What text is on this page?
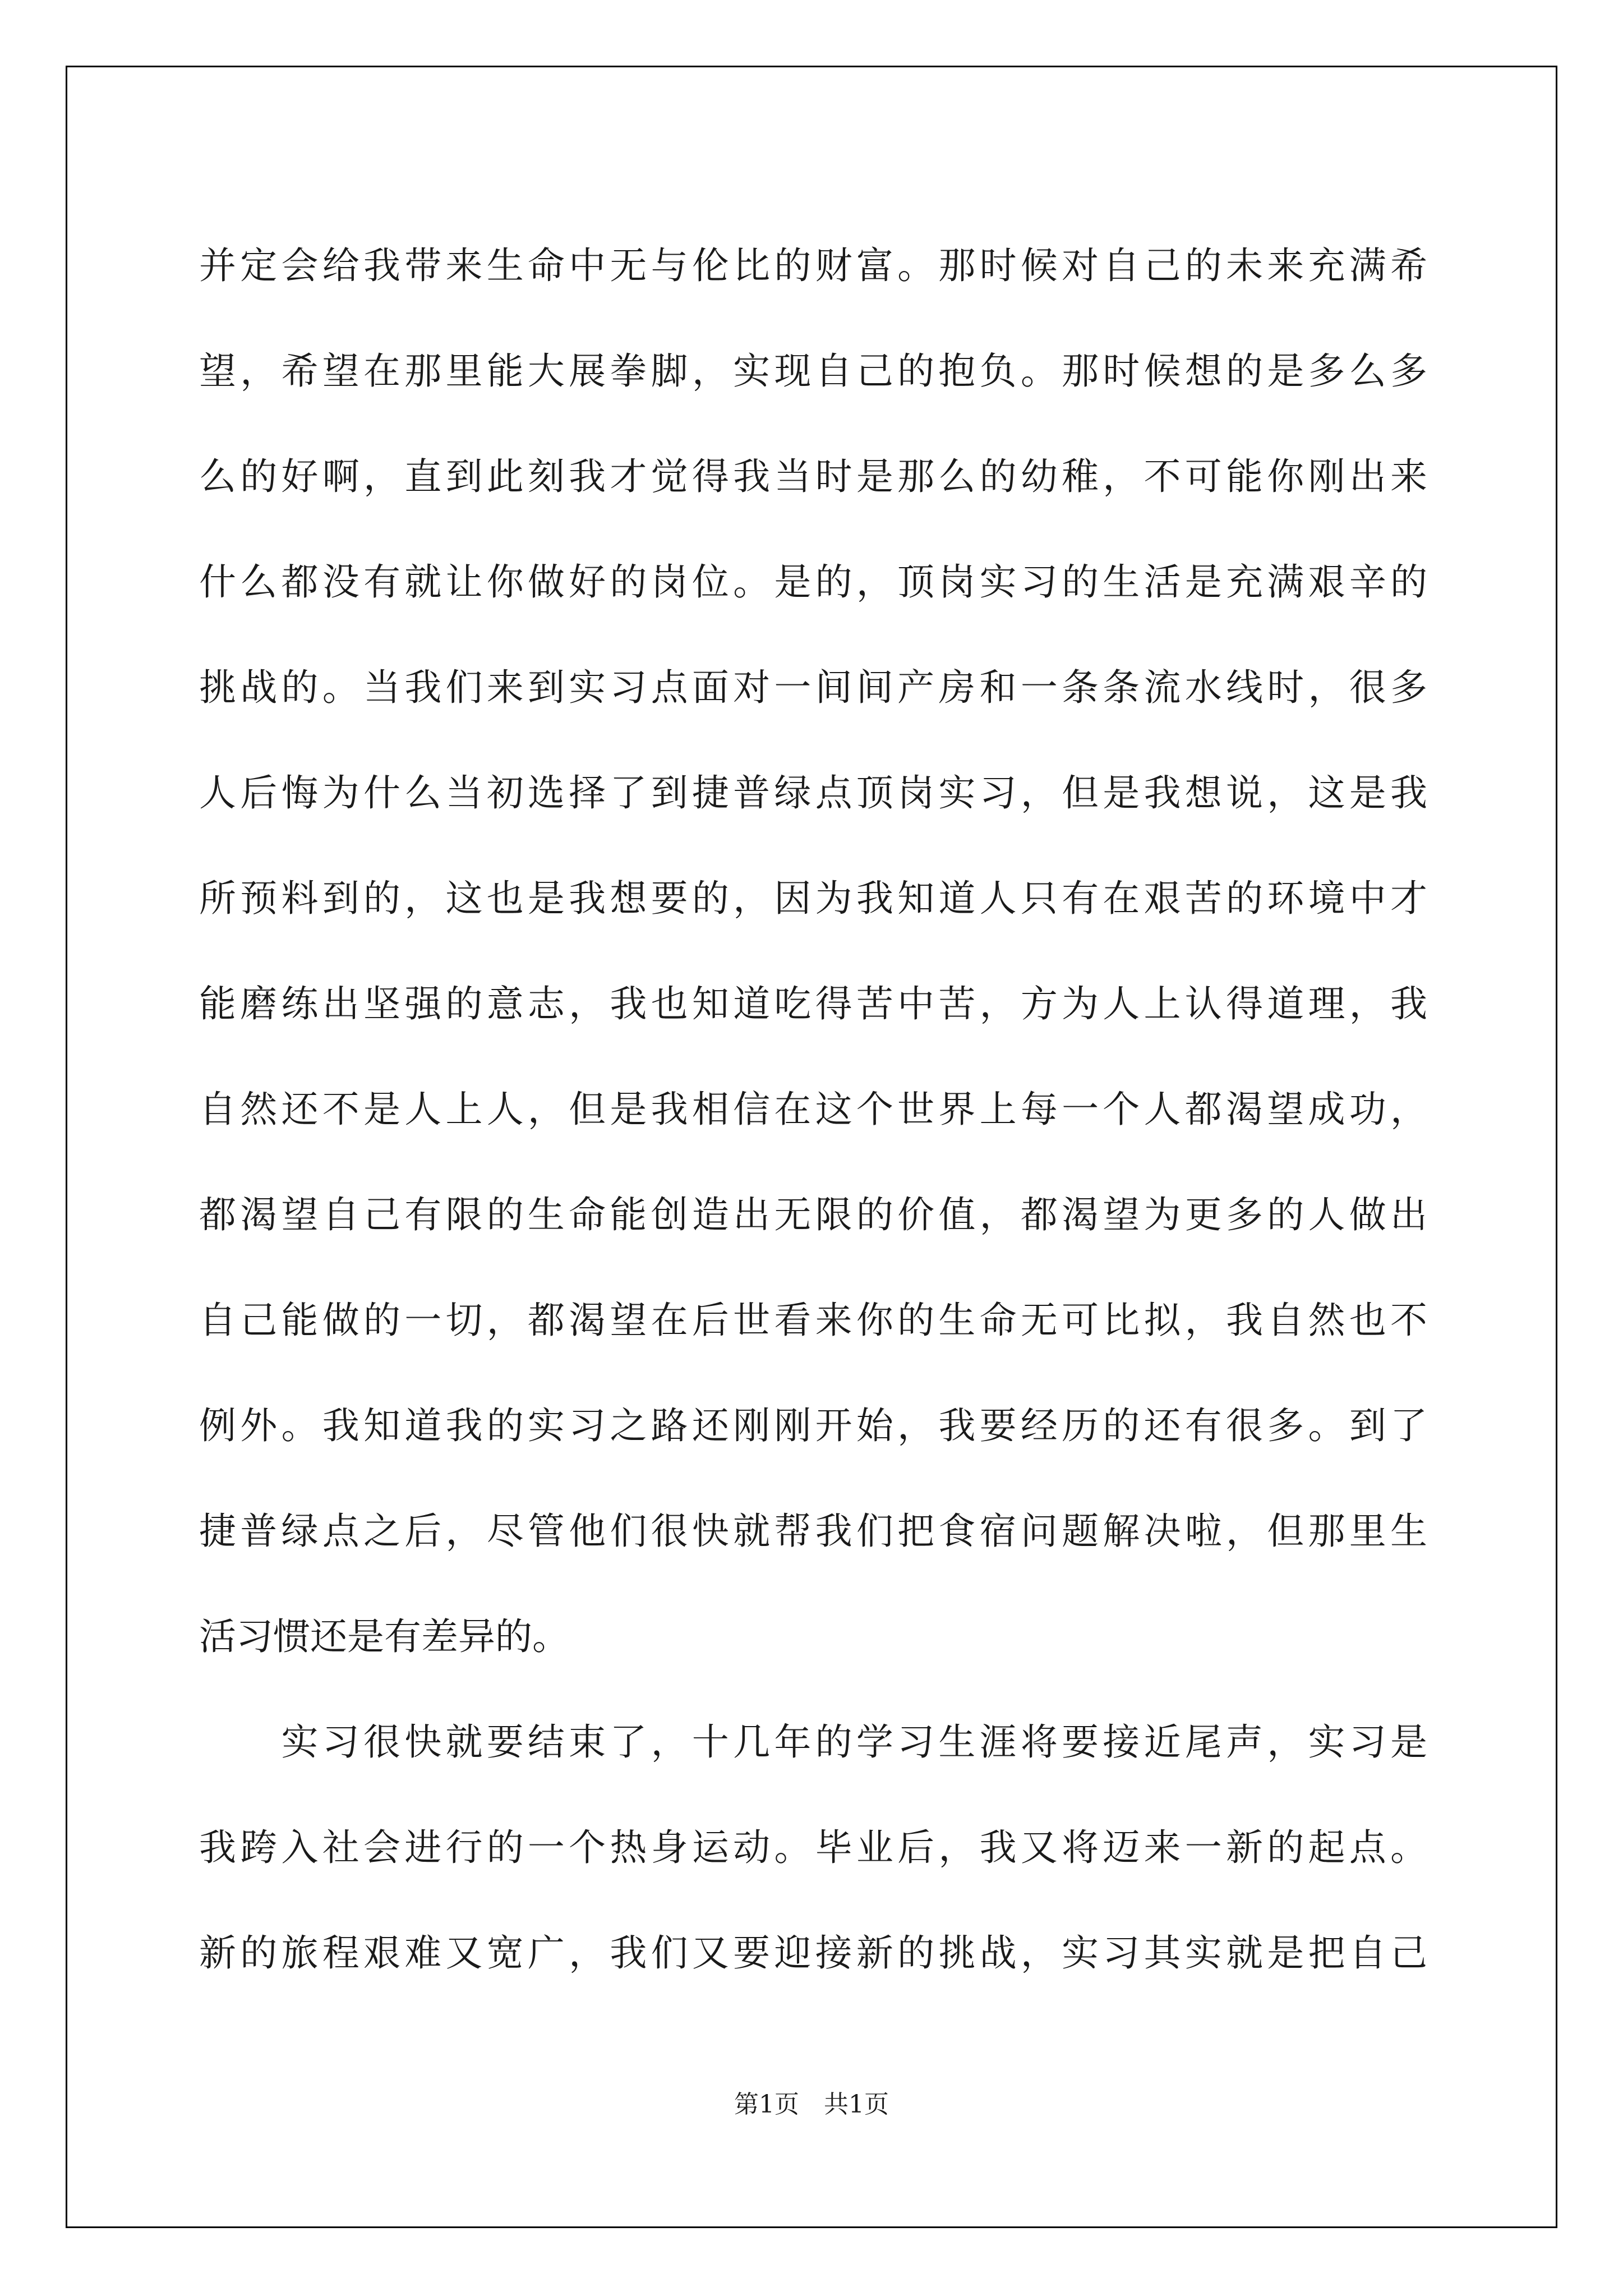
并定会给我带来生命中无与伦比的财富。那时候对自己的未来充满希
望，希望在那里能大展拳脚，实现自己的抱负。那时候想的是多么多
么的好啊，直到此刻我才觉得我当时是那么的幼稚，不可能你刚出来
什么都没有就让你做好的岗位。是的，顶岗实习的生活是充满艰辛的
挑战的。当我们来到实习点面对一间间产房和一条条流水线时，很多
人后悔为什么当初选择了到捷普绿点顶岗实习，但是我想说，这是我
所预料到的，这也是我想要的，因为我知道人只有在艰苦的环境中才
能磨练出坚强的意志，我也知道吃得苦中苦，方为人上认得道理，我
自然还不是人上人，但是我相信在这个世界上每一个人都渴望成功，
都渴望自己有限的生命能创造出无限的价值，都渴望为更多的人做出
自己能做的一切，都渴望在后世看来你的生命无可比拟，我自然也不
例外。我知道我的实习之路还刚刚开始，我要经历的还有很多。到了
捷普绿点之后，尽管他们很快就帮我们把食宿问题解决啦，但那里生
活习惯还是有差异的。
　　实习很快就要结束了，十几年的学习生涯将要接近尾声，实习是
我跨入社会进行的一个热身运动。毕业后，我又将迈来一新的起点。
新的旅程艰难又宽广，我们又要迎接新的挑战，实习其实就是把自己
第1页　共1页
